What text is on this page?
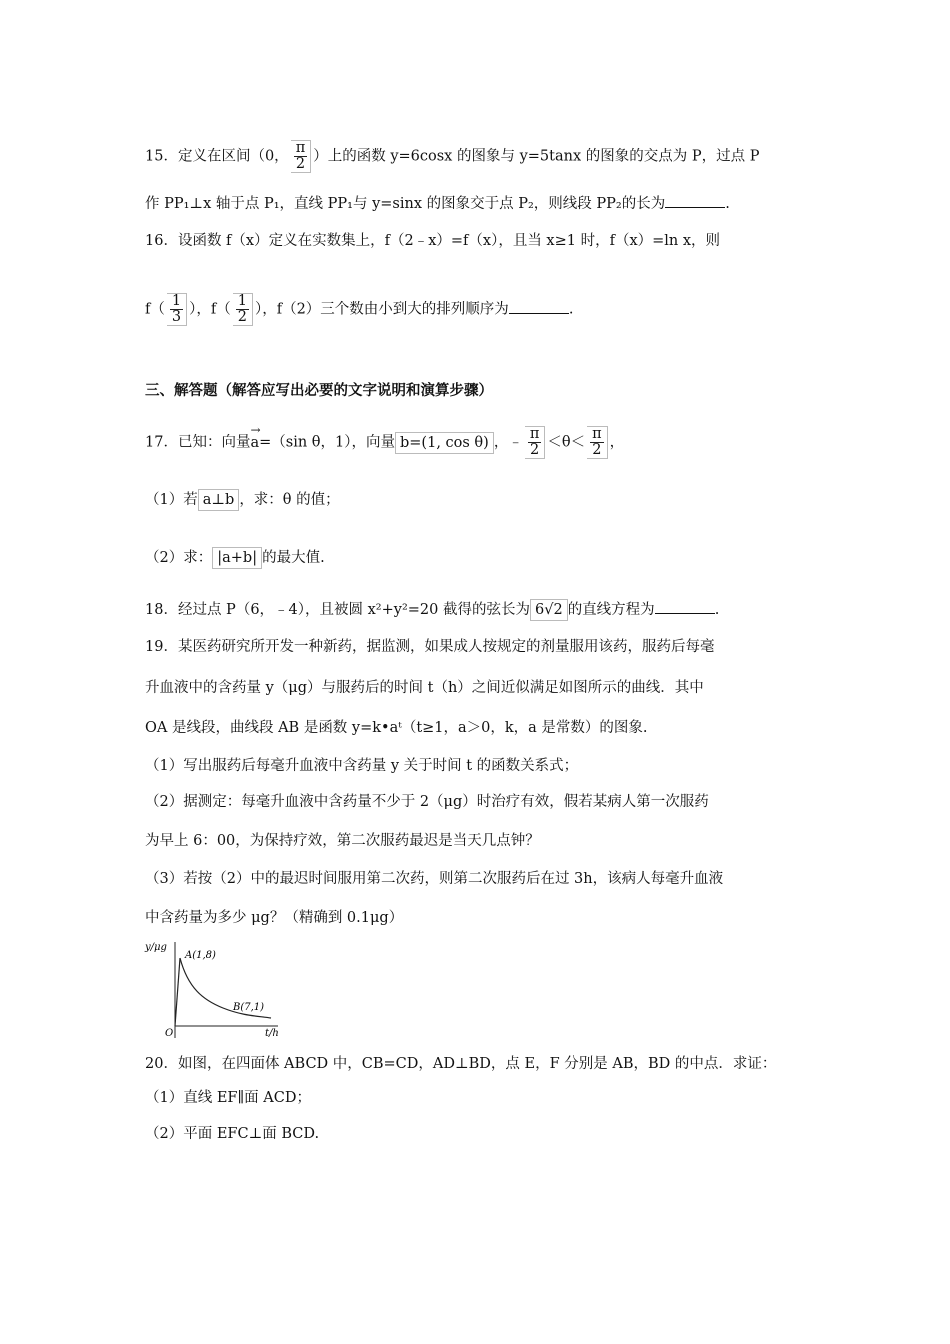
15．定义在区间（0， $\frac{\pi}{2}$ ）上的函数 y=6cosx 的图象与 y=5tanx 的图象的交点为 P，过点 P
作 PP₁⊥x 轴于点 P₁，直线 PP₁与 y=sinx 的图象交于点 P₂，则线段 PP₂的长为	.
16．设函数 f（x）定义在实数集上，f（2﹣x）=f（x），且当 x≥1 时，f（x）=ln x，则
$f( \frac{1}{3}$ ），$f( \frac{1}{2}$ ），f（2）三个数由小到大的排列顺序为	.
三、解答题（解答应写出必要的文字说明和演算步骤）
17．已知：向量→ a=（sin θ，1），向量 b=(1, cos θ) ，﹣ $\frac{\pi}{2} <\theta< \frac{\pi}{2}$ ，
（1）若 a⊥b ，求：θ 的值；
（2）求： |a+b| 的最大值.
18．经过点 P（6，﹣4），且被圆 x²+y²=20 截得的弦长为 6√2 的直线方程为	.
19．某医药研究所开发一种新药，据监测，如果成人按规定的剂量服用该药，服药后每毫
升血液中的含药量 y（μg）与服药后的时间 t（h）之间近似满足如图所示的曲线．其中
OA 是线段，曲线段 AB 是函数 y=k•aᵗ（t≥1，a＞0，k，a 是常数）的图象.
（1）写出服药后每毫升血液中含药量 y 关于时间 t 的函数关系式；
（2）据测定：每毫升血液中含药量不少于 2（μg）时治疗有效，假若某病人第一次服药
为早上 6：00，为保持疗效，第二次服药最迟是当天几点钟？
（3）若按（2）中的最迟时间服用第二次药，则第二次服药后在过 3h，该病人每毫升血液
中含药量为多少 μg？（精确到 0.1μg）
y/μg
t/h
O
A(1,8)
B(7,1)
20．如图，在四面体 ABCD 中，CB=CD，AD⊥BD，点 E，F 分别是 AB，BD 的中点．求证：
（1）直线 EF∥面 ACD；
（2）平面 EFC⊥面 BCD.
